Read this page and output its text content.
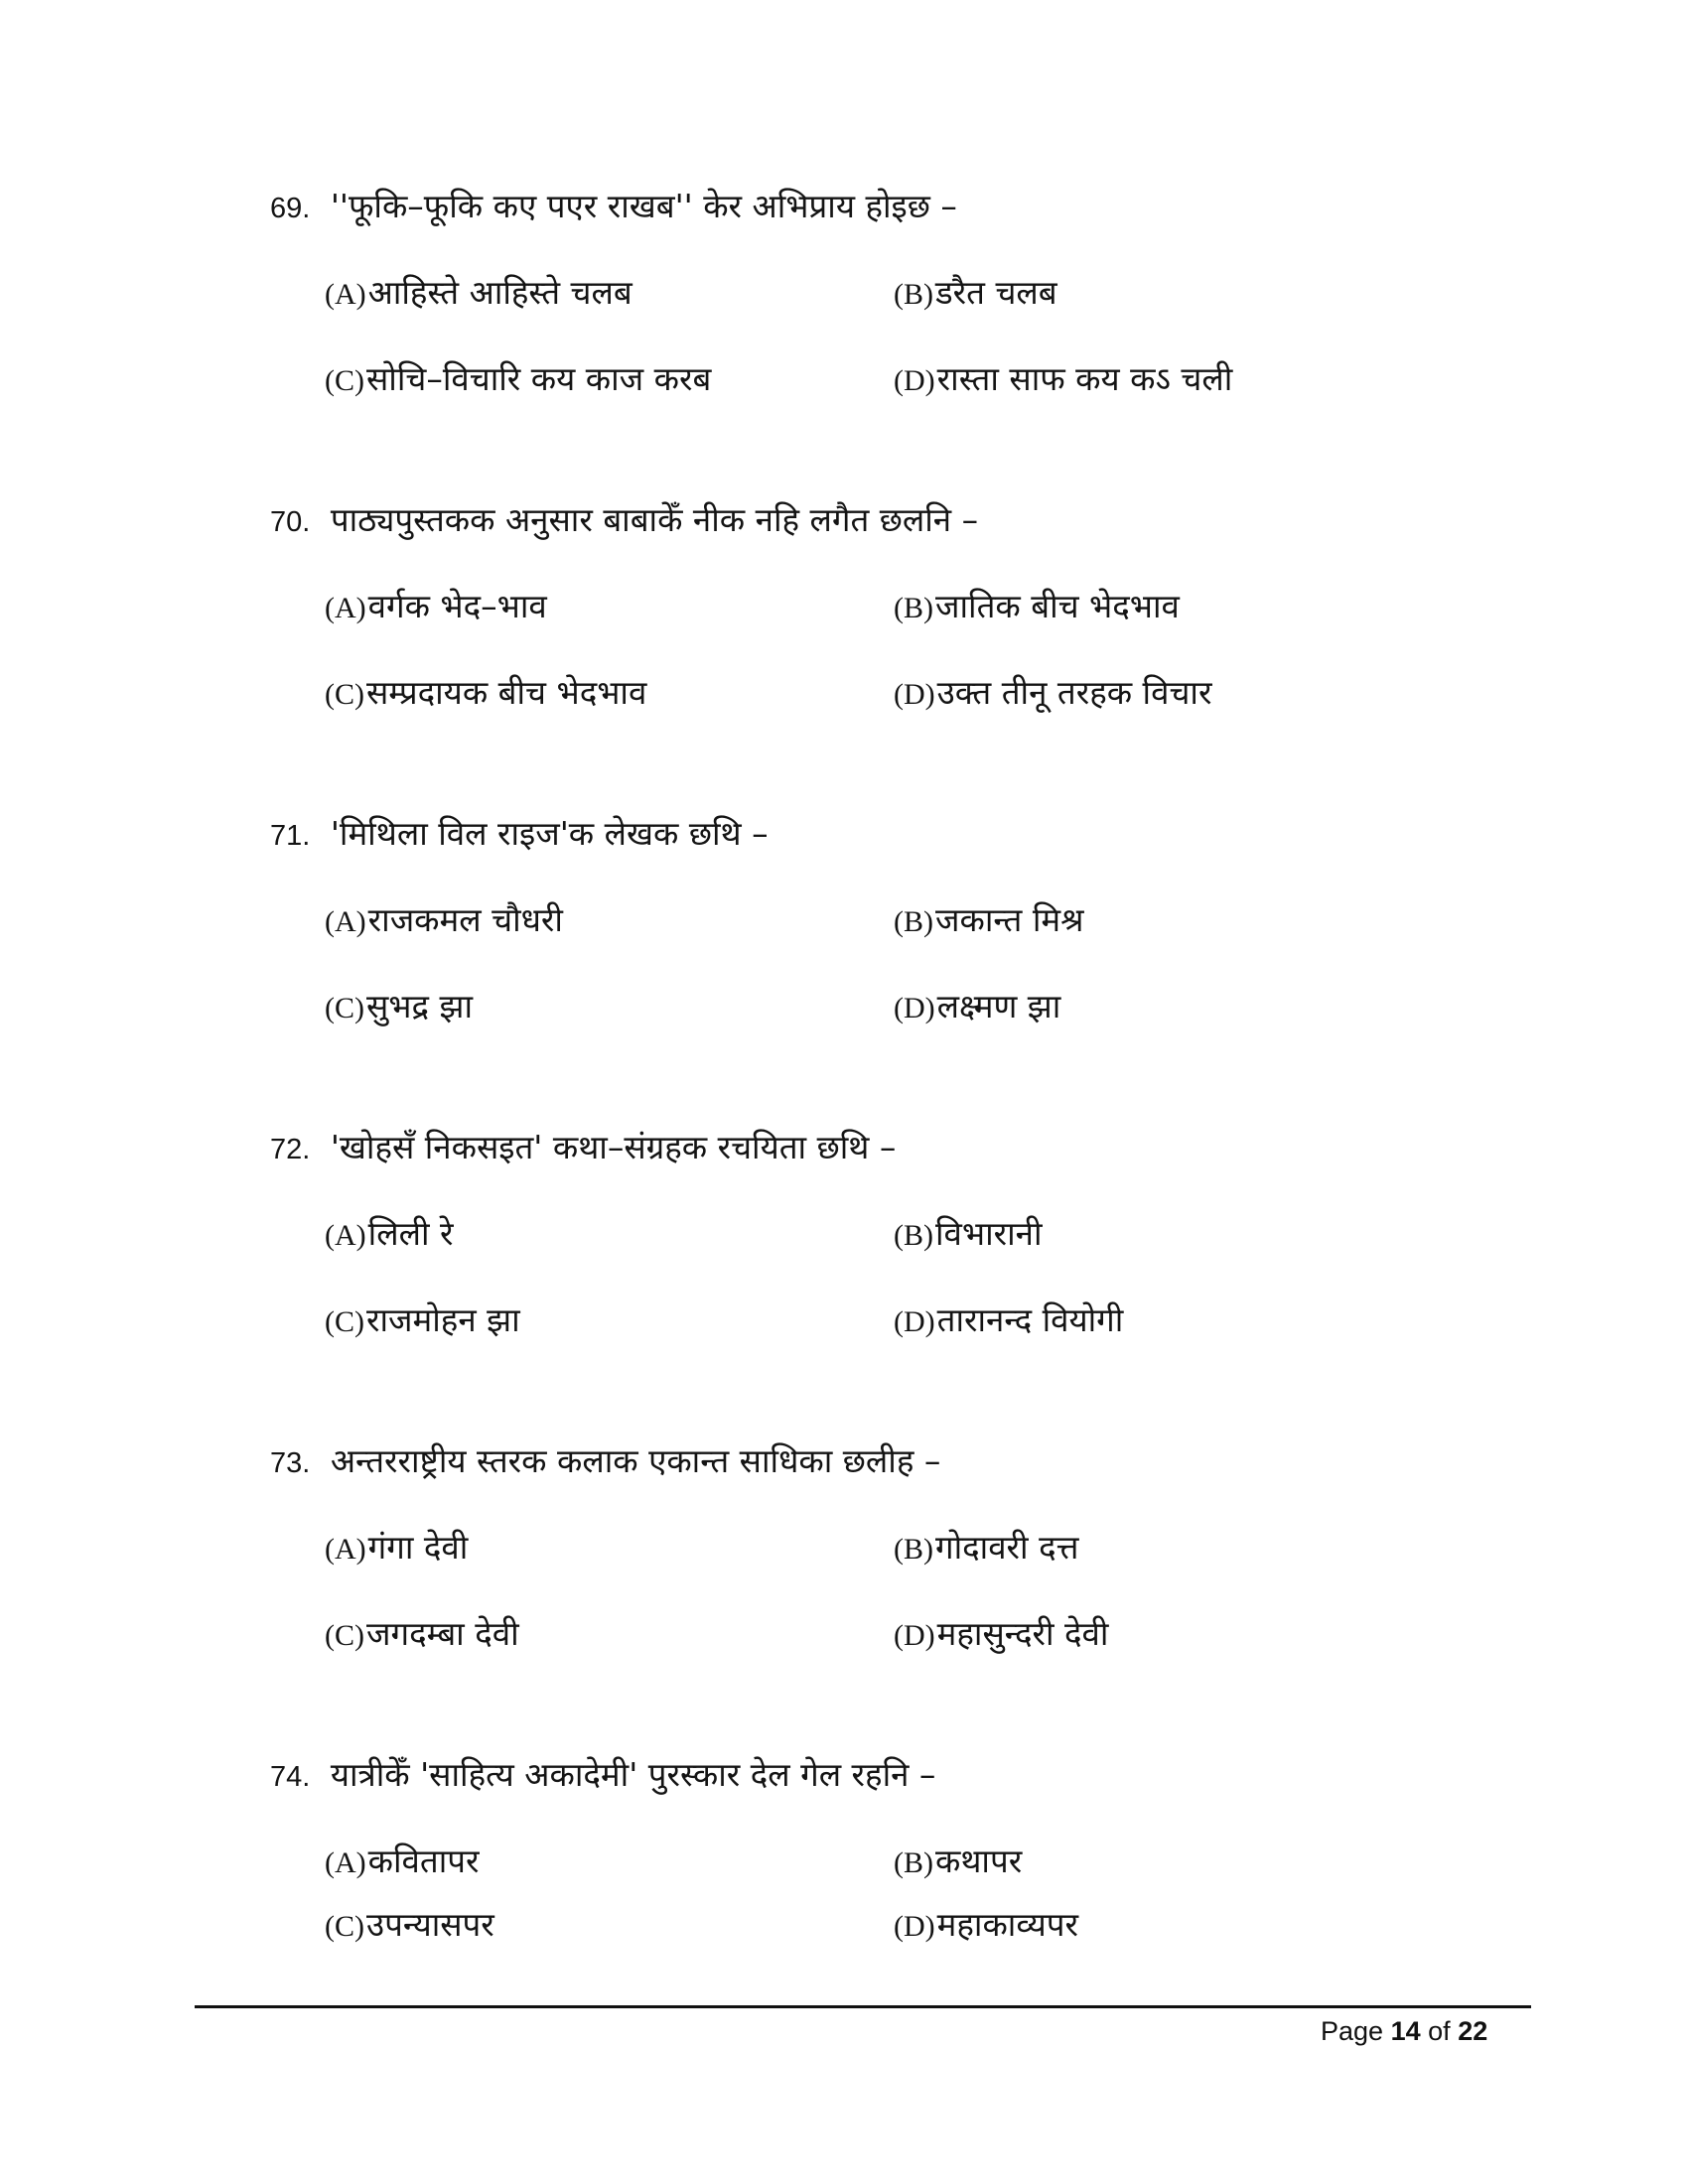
69. ''फूकि–फूकि कए पएर राखब'' केर अभिप्राय होइछ –
(A)आहिस्ते आहिस्ते चलब	(B)डरैत चलब
(C)सोचि–विचारि कय काज करब	(D)रास्ता साफ कय कऽ चली
70. पाठ्यपुस्तकक अनुसार बाबाकेँ नीक नहि लगैत छलनि –
(A)वर्गक भेद–भाव	(B)जातिक बीच भेदभाव
(C)सम्प्रदायक बीच भेदभाव	(D)उक्त तीनू तरहक विचार
71. 'मिथिला विल राइज'क लेखक छथि –
(A)राजकमल चौधरी	(B)जकान्त मिश्र
(C)सुभद्र झा	(D)लक्ष्मण झा
72. 'खोहसँ निकसइत' कथा–संग्रहक रचयिता छथि –
(A)लिली रे	(B)विभारानी
(C)राजमोहन झा	(D)तारानन्द वियोगी
73. अन्तरराष्ट्रीय स्तरक कलाक एकान्त साधिका छलीह –
(A)गंगा देवी	(B)गोदावरी दत्त
(C)जगदम्बा देवी	(D)महासुन्दरी देवी
74. यात्रीकेँ 'साहित्य अकादेमी' पुरस्कार देल गेल रहनि –
(A)कवितापर	(B)कथापर
(C)उपन्यासपर	(D)महाकाव्यपर
Page 14 of 22
